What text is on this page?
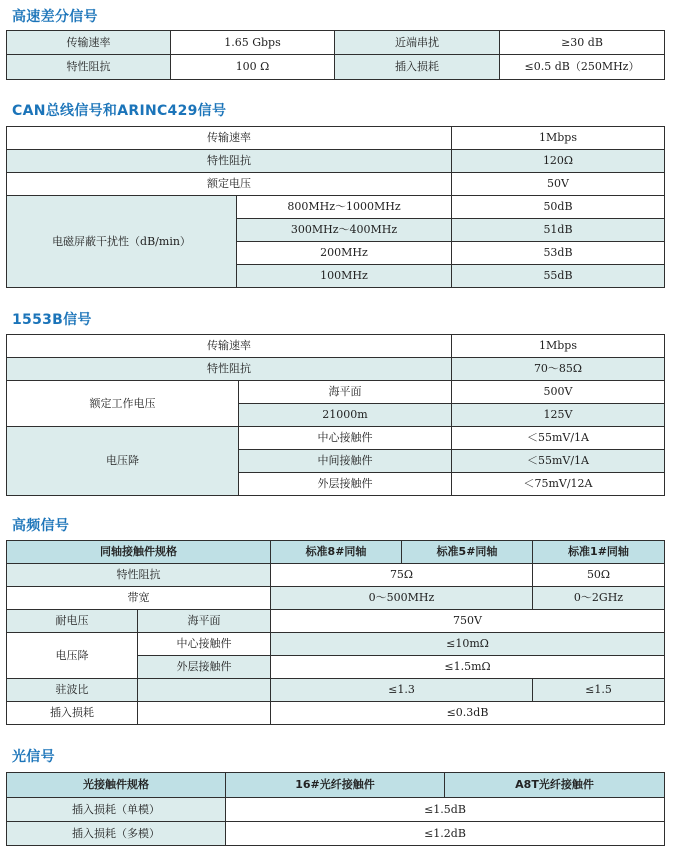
高速差分信号
传输速率	1.65 Gbps	近端串扰	≥30 dB
特性阻抗	100 Ω	插入损耗	≤0.5 dB（250MHz）
CAN总线信号和ARINC429信号
传输速率		1Mbps
特性阻抗		120Ω
额定电压		50V
电磁屏蔽干扰性（dB/min）	800MHz～1000MHz	50dB
	300MHz～400MHz	51dB
	200MHz	53dB
	100MHz	55dB
1553B信号
传输速率		1Mbps
特性阻抗		70～85Ω
额定工作电压	海平面	500V
	21000m	125V
电压降	中心接触件	＜55mV/1A
	中间接触件	＜55mV/1A
	外层接触件	＜75mV/12A
高频信号
同轴接触件规格		标准8#同轴	标准5#同轴	标准1#同轴
特性阻抗		75Ω		50Ω
带宽		0～500MHz		0～2GHz
耐电压	海平面	750V		
电压降	中心接触件	≤10mΩ		
	外层接触件	≤1.5mΩ		
驻波比		≤1.3		≤1.5
插入损耗		≤0.3dB		
光信号
光接触件规格	16#光纤接触件	A8T光纤接触件
插入损耗（单模）	≤1.5dB	
插入损耗（多模）	≤1.2dB	
